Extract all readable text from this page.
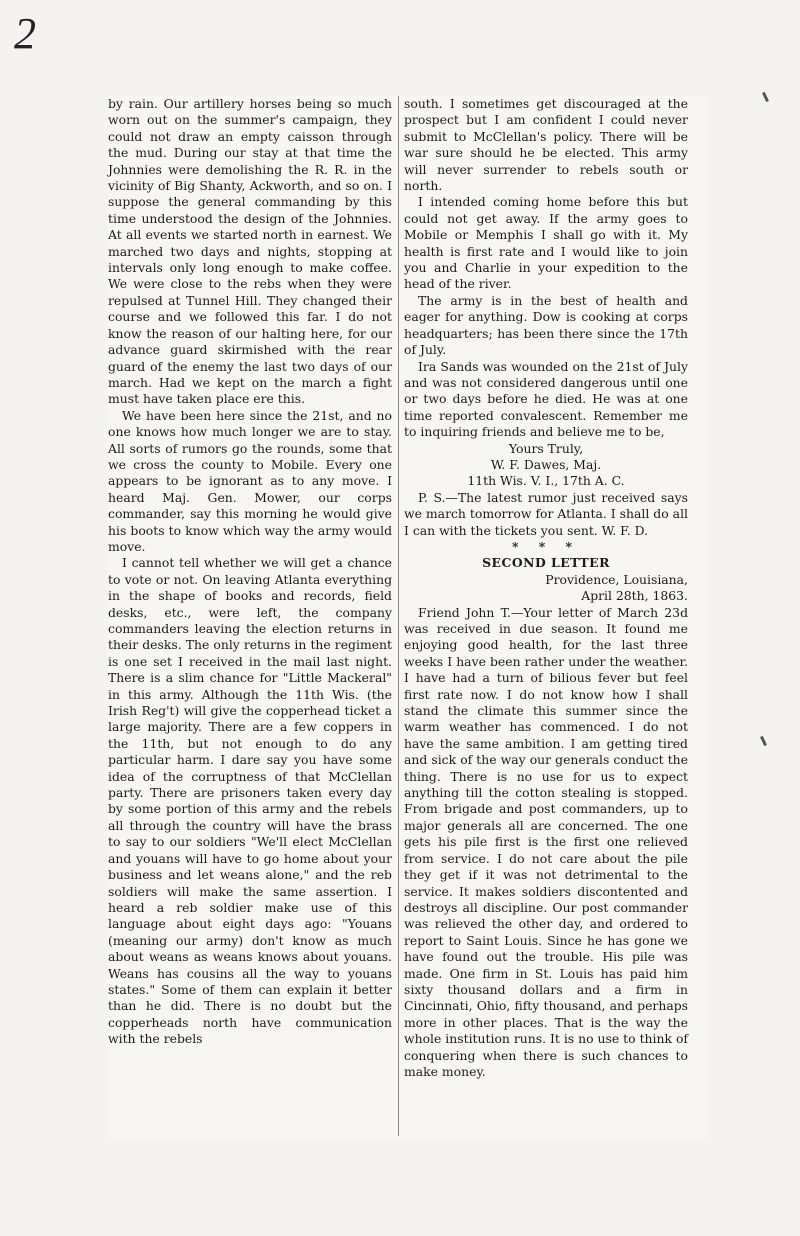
2

by rain. Our artillery horses being so much worn out on the summer's campaign, they could not draw an empty caisson through the mud. During our stay at that time the Johnnies were demolishing the R. R. in the vicinity of Big Shanty, Ackworth, and so on. I suppose the general commanding by this time understood the design of the Johnnies. At all events we started north in earnest. We marched two days and nights, stopping at intervals only long enough to make coffee. We were close to the rebs when they were repulsed at Tunnel Hill. They changed their course and we followed this far. I do not know the reason of our halting here, for our advance guard skirmished with the rear guard of the enemy the last two days of our march. Had we kept on the march a fight must have taken place ere this.

We have been here since the 21st, and no one knows how much longer we are to stay. All sorts of rumors go the rounds, some that we cross the county to Mobile. Every one appears to be ignorant as to any move. I heard Maj. Gen. Mower, our corps commander, say this morning he would give his boots to know which way the army would move.

I cannot tell whether we will get a chance to vote or not. On leaving Atlanta everything in the shape of books and records, field desks, etc., were left, the company commanders leaving the election returns in their desks. The only returns in the regiment is one set I received in the mail last night. There is a slim chance for "Little Mackeral" in this army. Although the 11th Wis. (the Irish Reg't) will give the copperhead ticket a large majority. There are a few coppers in the 11th, but not enough to do any particular harm. I dare say you have some idea of the corruptness of that McClellan party. There are prisoners taken every day by some portion of this army and the rebels all through the country will have the brass to say to our soldiers "We'll elect McClellan and youans will have to go home about your business and let weans alone," and the reb soldiers will make the same assertion. I heard a reb soldier make use of this language about eight days ago: "Youans (meaning our army) don't know as much about weans as weans knows about youans. Weans has cousins all the way to youans states." Some of them can explain it better than he did. There is no doubt but the copperheads north have communication with the rebels

south. I sometimes get discouraged at the prospect but I am confident I could never submit to McClellan's policy. There will be war sure should he be elected. This army will never surrender to rebels south or north.

I intended coming home before this but could not get away. If the army goes to Mobile or Memphis I shall go with it. My health is first rate and I would like to join you and Charlie in your expedition to the head of the river.

The army is in the best of health and eager for anything. Dow is cooking at corps headquarters; has been there since the 17th of July.

Ira Sands was wounded on the 21st of July and was not considered dangerous until one or two days before he died. He was at one time reported convalescent. Remember me to inquiring friends and believe me to be,

Yours Truly,

W. F. Dawes, Maj.

11th Wis. V. I., 17th A. C.

P. S.—The latest rumor just received says we march tomorrow for Atlanta. I shall do all I can with the tickets you sent. W. F. D.

* * *

SECOND LETTER

Providence, Louisiana,

April 28th, 1863.

Friend John T.—Your letter of March 23d was received in due season. It found me enjoying good health, for the last three weeks I have been rather under the weather. I have had a turn of bilious fever but feel first rate now. I do not know how I shall stand the climate this summer since the warm weather has commenced. I do not have the same ambition. I am getting tired and sick of the way our generals conduct the thing. There is no use for us to expect anything till the cotton stealing is stopped. From brigade and post commanders, up to major generals all are concerned. The one gets his pile first is the first one relieved from service. I do not care about the pile they get if it was not detrimental to the service. It makes soldiers discontented and destroys all discipline. Our post commander was relieved the other day, and ordered to report to Saint Louis. Since he has gone we have found out the trouble. His pile was made. One firm in St. Louis has paid him sixty thousand dollars and a firm in Cincinnati, Ohio, fifty thousand, and perhaps more in other places. That is the way the whole institution runs. It is no use to think of conquering when there is such chances to make money.
